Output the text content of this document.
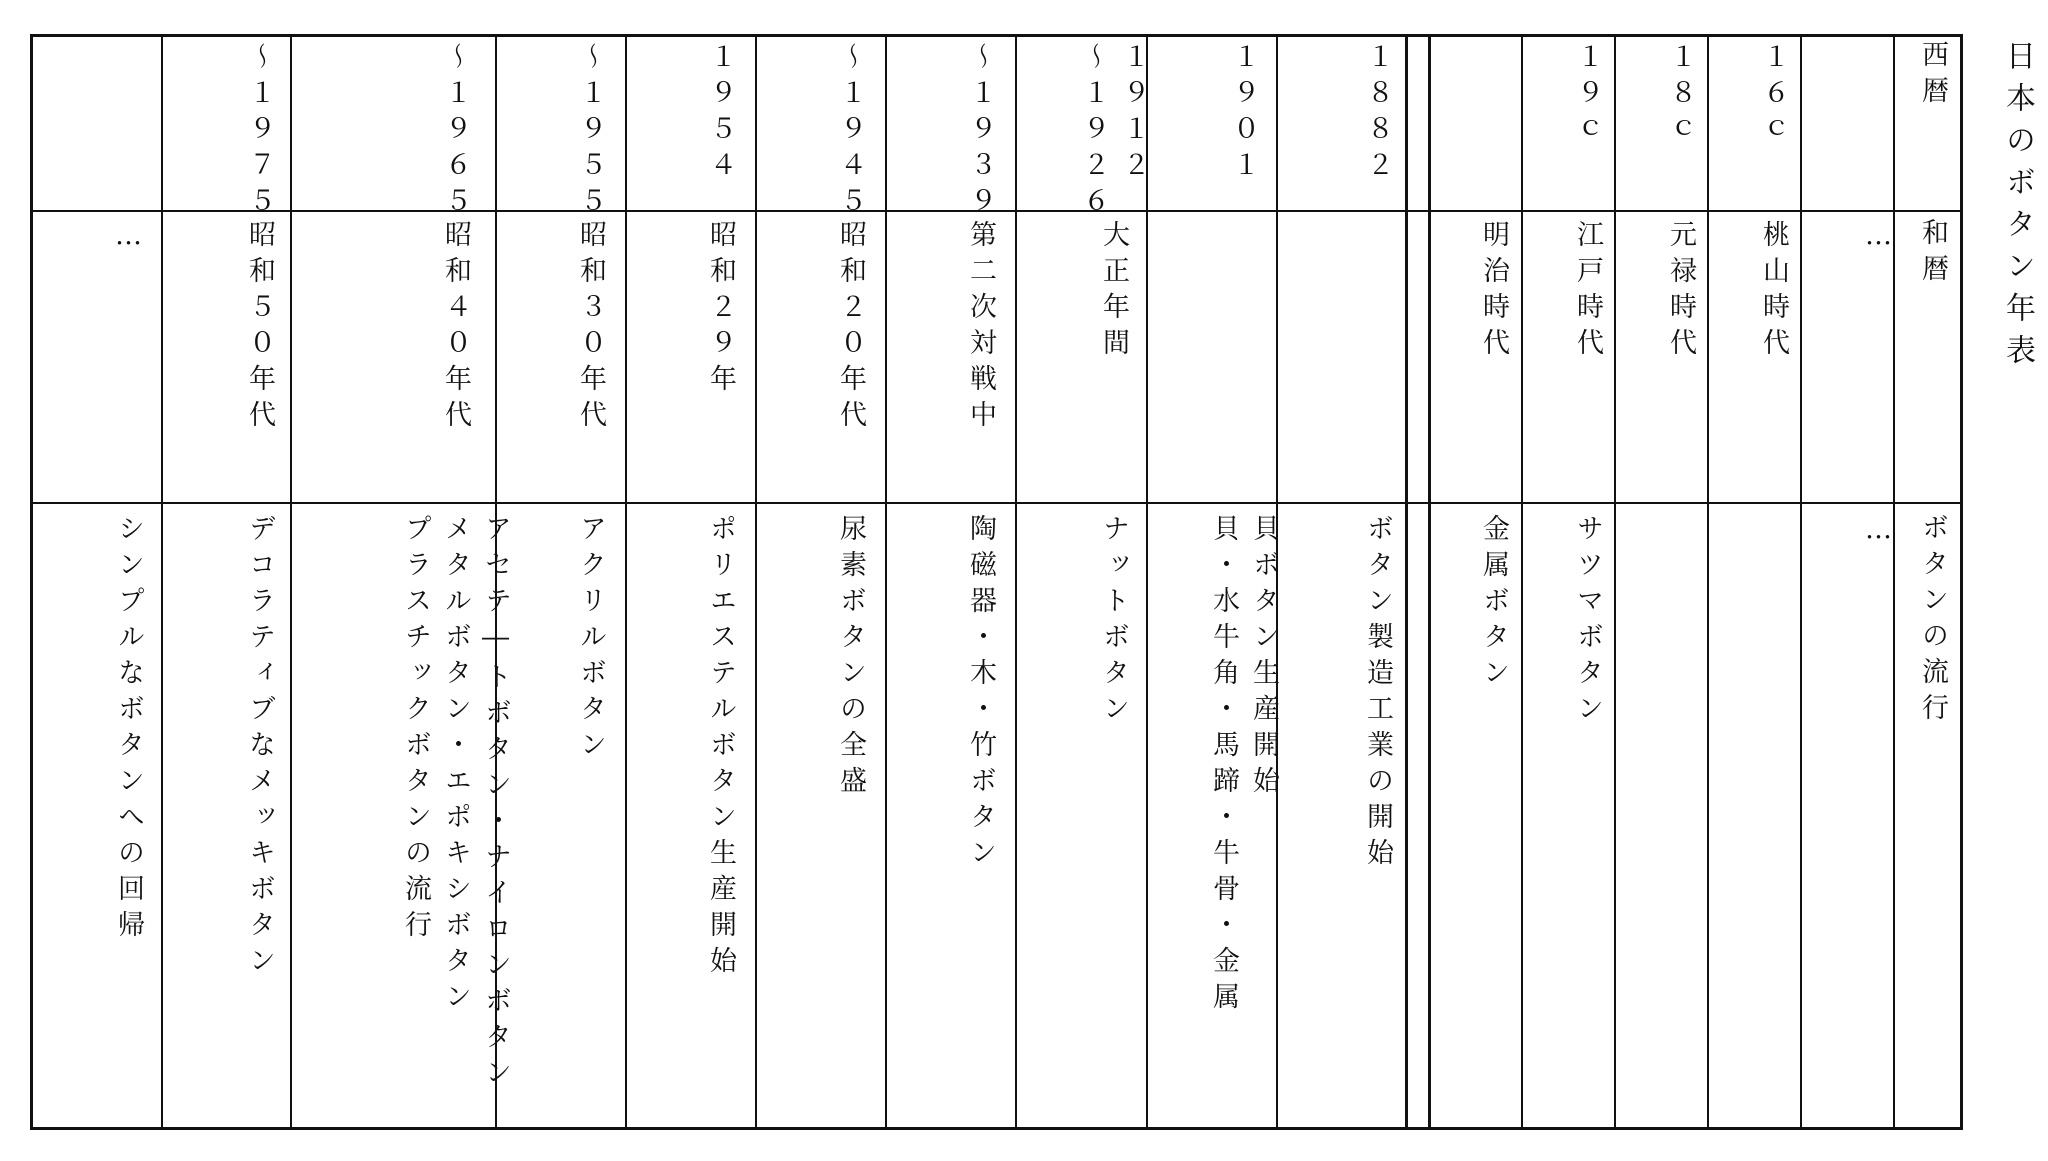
日本のボタン年表
西暦
和暦
ボタンの流行
…
…
１６ｃ
桃山時代
１８ｃ
元禄時代
１９ｃ
江戸時代
サツマボタン
明治時代
金属ボタン
１８８２
ボタン製造工業の開始
１９０１
貝ボタン生産開始
貝・水牛角・馬蹄・牛骨・金属
１９１２
〜１９２６
大正年間
ナットボタン
〜１９３９
第二次対戦中
陶磁器・木・竹ボタン
〜１９４５
昭和２０年代
尿素ボタンの全盛
１９５４
昭和２９年
ポリエステルボタン生産開始
〜１９５５
昭和３０年代
アクリルボタン
〜１９６５
昭和４０年代
アセテ―トボタン・ナイロンボタン
メタルボタン・エポキシボタン
プラスチックボタンの流行
〜１９７５
昭和５０年代
デコラティブなメッキボタン
…
シンプルなボタンへの回帰
